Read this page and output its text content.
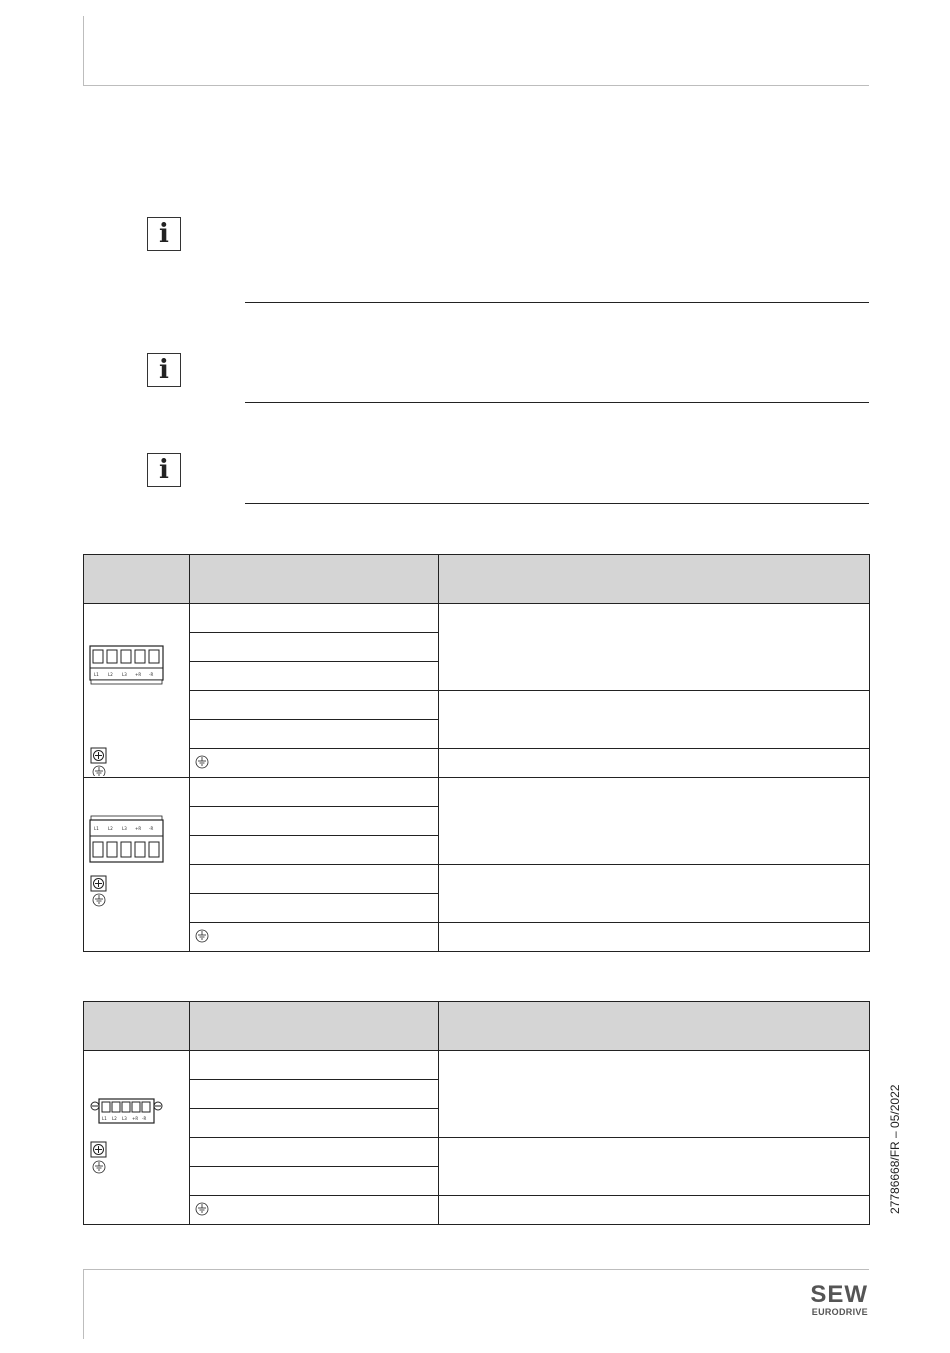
i
i
i

L1 L2 L3 +R -R			

L1 L2 L3 +R -R			

L1 L2 L3 +R -R			

			27786668/FR – 05/2022
SEW
EURODRIVE
